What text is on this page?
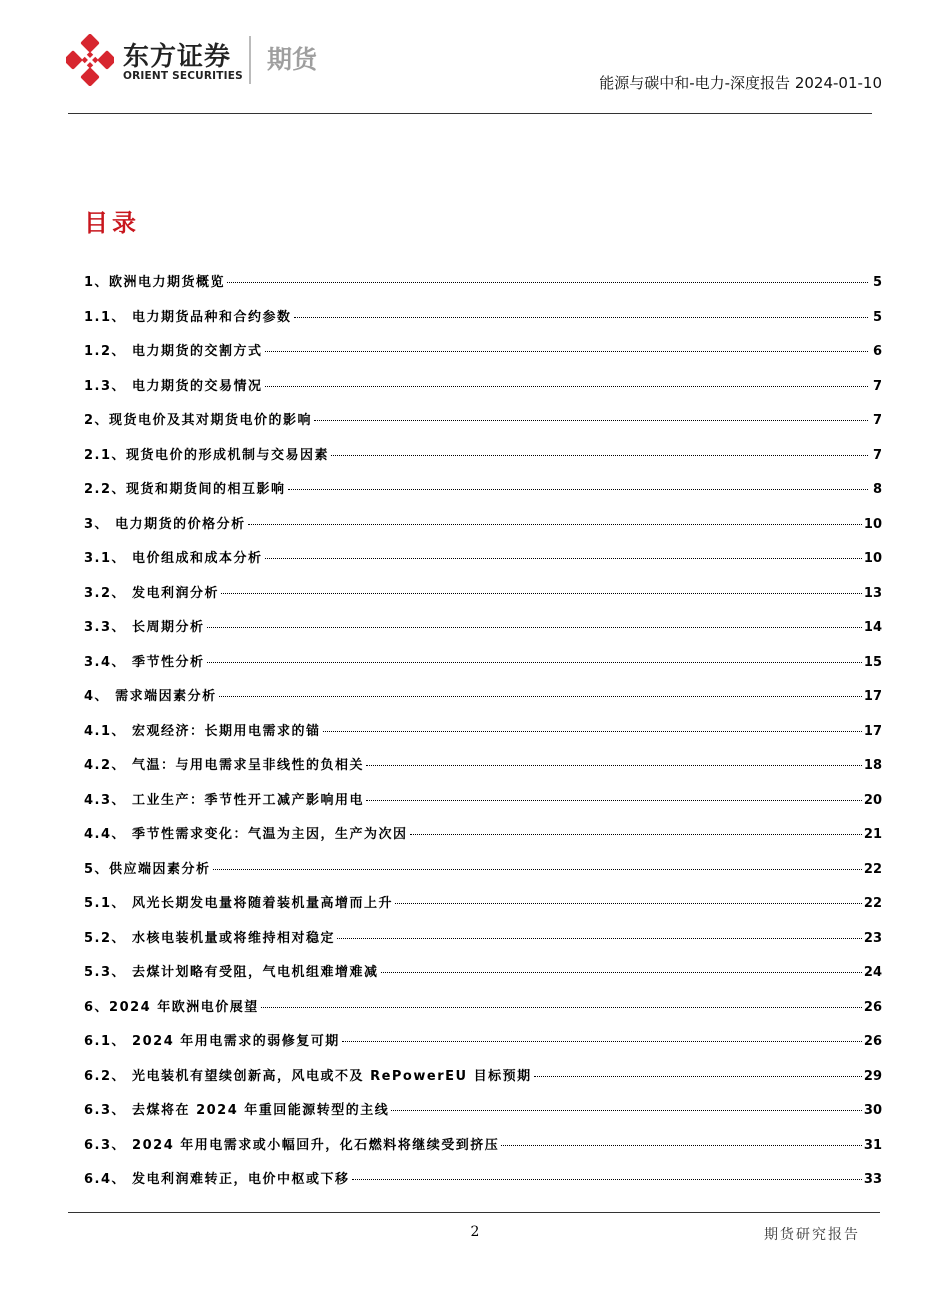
东方证券
ORIENT SECURITIES
期货
能源与碳中和-电力-深度报告 2024-01-10
目录
1、欧洲电力期货概览	5
1.1、 电力期货品种和合约参数	5
1.2、 电力期货的交割方式	6
1.3、 电力期货的交易情况	7
2、现货电价及其对期货电价的影响	7
2.1、现货电价的形成机制与交易因素	7
2.2、现货和期货间的相互影响	8
3、 电力期货的价格分析	10
3.1、 电价组成和成本分析	10
3.2、 发电利润分析	13
3.3、 长周期分析	14
3.4、 季节性分析	15
4、 需求端因素分析	17
4.1、 宏观经济：长期用电需求的锚	17
4.2、 气温：与用电需求呈非线性的负相关	18
4.3、 工业生产：季节性开工减产影响用电	20
4.4、 季节性需求变化：气温为主因，生产为次因	21
5、供应端因素分析	22
5.1、 风光长期发电量将随着装机量高增而上升	22
5.2、 水核电装机量或将维持相对稳定	23
5.3、 去煤计划略有受阻，气电机组难增难减	24
6、2024 年欧洲电价展望	26
6.1、 2024 年用电需求的弱修复可期	26
6.2、 光电装机有望续创新高，风电或不及 RePowerEU 目标预期	29
6.3、 去煤将在 2024 年重回能源转型的主线	30
6.3、 2024 年用电需求或小幅回升，化石燃料将继续受到挤压	31
6.4、 发电利润难转正，电价中枢或下移	33
2	期货研究报告
